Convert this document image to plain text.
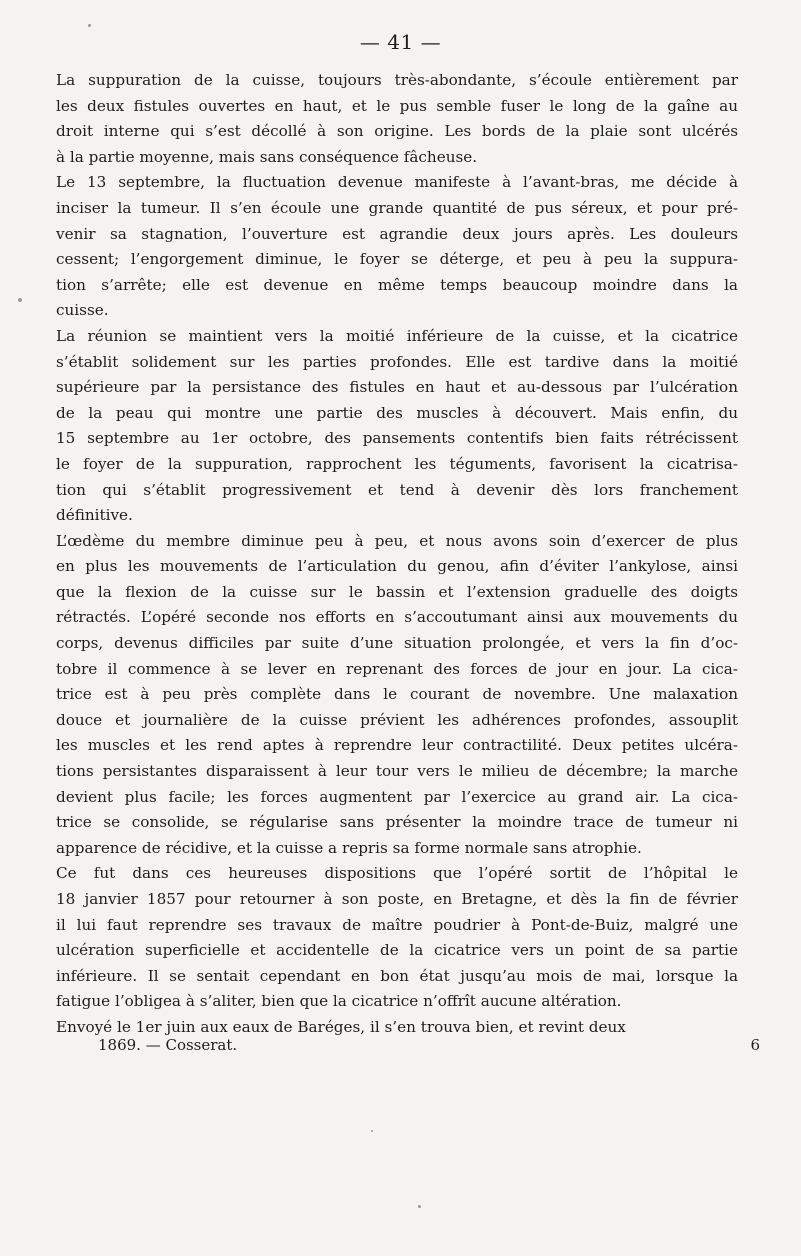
— 41 —
La suppuration de la cuisse, toujours très-abondante, s’écoule entièrement par
les deux fistules ouvertes en haut, et le pus semble fuser le long de la gaîne au
droit interne qui s’est décollé à son origine. Les bords de la plaie sont ulcérés
à la partie moyenne, mais sans conséquence fâcheuse.
Le 13 septembre, la fluctuation devenue manifeste à l’avant-bras, me décide à
inciser la tumeur. Il s’en écoule une grande quantité de pus séreux, et pour pré-
venir sa stagnation, l’ouverture est agrandie deux jours après. Les douleurs
cessent; l’engorgement diminue, le foyer se déterge, et peu à peu la suppura-
tion s’arrête; elle est devenue en même temps beaucoup moindre dans la
cuisse.
La réunion se maintient vers la moitié inférieure de la cuisse, et la cicatrice
s’établit solidement sur les parties profondes. Elle est tardive dans la moitié
supérieure par la persistance des fistules en haut et au-dessous par l’ulcération
de la peau qui montre une partie des muscles à découvert. Mais enfin, du
15 septembre au 1er octobre, des pansements contentifs bien faits rétrécissent
le foyer de la suppuration, rapprochent les téguments, favorisent la cicatrisa-
tion qui s’établit progressivement et tend à devenir dès lors franchement
définitive.
L’œdème du membre diminue peu à peu, et nous avons soin d’exercer de plus
en plus les mouvements de l’articulation du genou, afin d’éviter l’ankylose, ainsi
que la flexion de la cuisse sur le bassin et l’extension graduelle des doigts
rétractés. L’opéré seconde nos efforts en s’accoutumant ainsi aux mouvements du
corps, devenus difficiles par suite d’une situation prolongée, et vers la fin d’oc-
tobre il commence à se lever en reprenant des forces de jour en jour. La cica-
trice est à peu près complète dans le courant de novembre. Une malaxation
douce et journalière de la cuisse prévient les adhérences profondes, assouplit
les muscles et les rend aptes à reprendre leur contractilité. Deux petites ulcéra-
tions persistantes disparaissent à leur tour vers le milieu de décembre; la marche
devient plus facile; les forces augmentent par l’exercice au grand air. La cica-
trice se consolide, se régularise sans présenter la moindre trace de tumeur ni
apparence de récidive, et la cuisse a repris sa forme normale sans atrophie.
Ce fut dans ces heureuses dispositions que l’opéré sortit de l’hôpital le
18 janvier 1857 pour retourner à son poste, en Bretagne, et dès la fin de février
il lui faut reprendre ses travaux de maître poudrier à Pont-de-Buiz, malgré une
ulcération superficielle et accidentelle de la cicatrice vers un point de sa partie
inférieure. Il se sentait cependant en bon état jusqu’au mois de mai, lorsque la
fatigue l’obligea à s’aliter, bien que la cicatrice n’offrît aucune altération.
Envoyé le 1er juin aux eaux de Baréges, il s’en trouva bien, et revint deux
1869. — Cosserat.	6
